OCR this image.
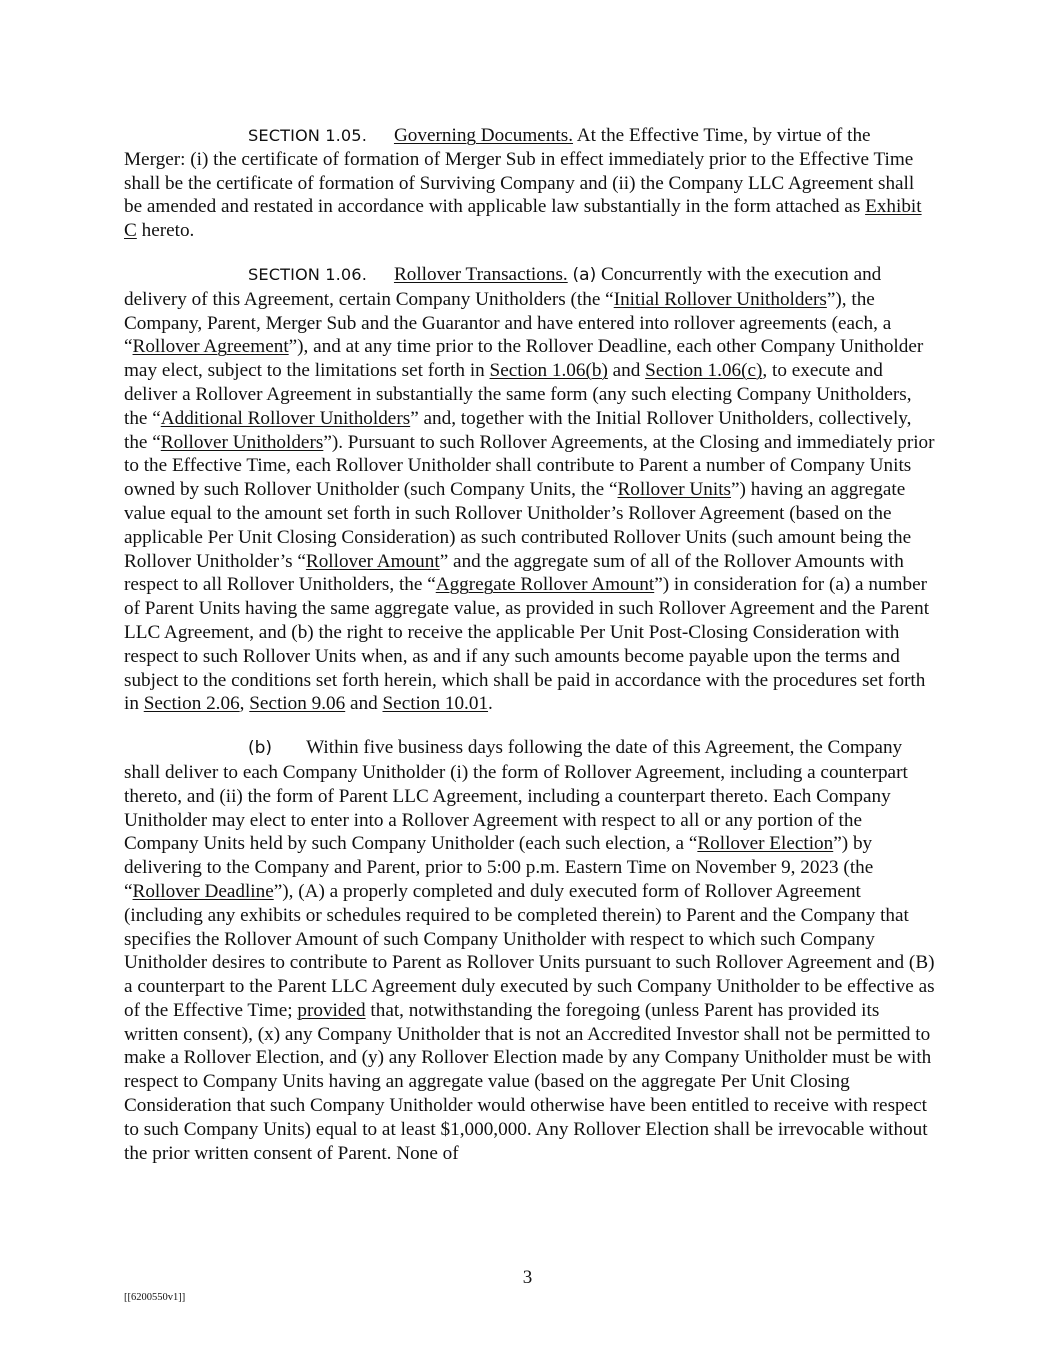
SECTION 1.05. Governing Documents. At the Effective Time, by virtue of the Merger: (i) the certificate of formation of Merger Sub in effect immediately prior to the Effective Time shall be the certificate of formation of Surviving Company and (ii) the Company LLC Agreement shall be amended and restated in accordance with applicable law substantially in the form attached as Exhibit C hereto.

SECTION 1.06. Rollover Transactions. (a) Concurrently with the execution and delivery of this Agreement, certain Company Unitholders (the “Initial Rollover Unitholders”), the Company, Parent, Merger Sub and the Guarantor and have entered into rollover agreements (each, a “Rollover Agreement”), and at any time prior to the Rollover Deadline, each other Company Unitholder may elect, subject to the limitations set forth in Section 1.06(b) and Section 1.06(c), to execute and deliver a Rollover Agreement in substantially the same form (any such electing Company Unitholders, the “Additional Rollover Unitholders” and, together with the Initial Rollover Unitholders, collectively, the “Rollover Unitholders”). Pursuant to such Rollover Agreements, at the Closing and immediately prior to the Effective Time, each Rollover Unitholder shall contribute to Parent a number of Company Units owned by such Rollover Unitholder (such Company Units, the “Rollover Units”) having an aggregate value equal to the amount set forth in such Rollover Unitholder’s Rollover Agreement (based on the applicable Per Unit Closing Consideration) as such contributed Rollover Units (such amount being the Rollover Unitholder’s “Rollover Amount” and the aggregate sum of all of the Rollover Amounts with respect to all Rollover Unitholders, the “Aggregate Rollover Amount”) in consideration for (a) a number of Parent Units having the same aggregate value, as provided in such Rollover Agreement and the Parent LLC Agreement, and (b) the right to receive the applicable Per Unit Post-Closing Consideration with respect to such Rollover Units when, as and if any such amounts become payable upon the terms and subject to the conditions set forth herein, which shall be paid in accordance with the procedures set forth in Section 2.06, Section 9.06 and Section 10.01.

(b) Within five business days following the date of this Agreement, the Company shall deliver to each Company Unitholder (i) the form of Rollover Agreement, including a counterpart thereto, and (ii) the form of Parent LLC Agreement, including a counterpart thereto. Each Company Unitholder may elect to enter into a Rollover Agreement with respect to all or any portion of the Company Units held by such Company Unitholder (each such election, a “Rollover Election”) by delivering to the Company and Parent, prior to 5:00 p.m. Eastern Time on November 9, 2023 (the “Rollover Deadline”), (A) a properly completed and duly executed form of Rollover Agreement (including any exhibits or schedules required to be completed therein) to Parent and the Company that specifies the Rollover Amount of such Company Unitholder with respect to which such Company Unitholder desires to contribute to Parent as Rollover Units pursuant to such Rollover Agreement and (B) a counterpart to the Parent LLC Agreement duly executed by such Company Unitholder to be effective as of the Effective Time; provided that, notwithstanding the foregoing (unless Parent has provided its written consent), (x) any Company Unitholder that is not an Accredited Investor shall not be permitted to make a Rollover Election, and (y) any Rollover Election made by any Company Unitholder must be with respect to Company Units having an aggregate value (based on the aggregate Per Unit Closing Consideration that such Company Unitholder would otherwise have been entitled to receive with respect to such Company Units) equal to at least $1,000,000. Any Rollover Election shall be irrevocable without the prior written consent of Parent. None of

3
[[6200550v1]]
